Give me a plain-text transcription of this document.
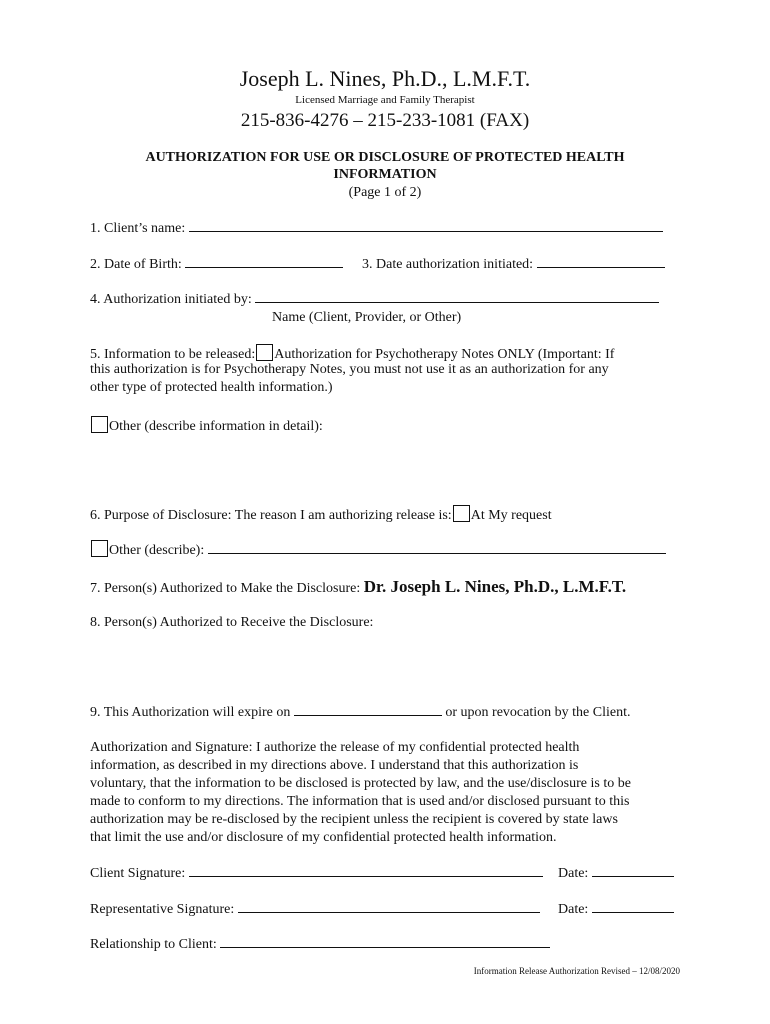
Joseph L. Nines, Ph.D., L.M.F.T.
Licensed Marriage and Family Therapist
215-836-4276 – 215-233-1081 (FAX)
AUTHORIZATION FOR USE OR DISCLOSURE OF PROTECTED HEALTH
INFORMATION
(Page 1 of 2)
1. Client’s name:
2. Date of Birth:	3. Date authorization initiated:
4. Authorization initiated by:
Name (Client, Provider, or Other)
5. Information to be released: Authorization for Psychotherapy Notes ONLY (Important: If
this authorization is for Psychotherapy Notes, you must not use it as an authorization for any
other type of protected health information.)
Other (describe information in detail):
6. Purpose of Disclosure: The reason I am authorizing release is: At My request
Other (describe):
7. Person(s) Authorized to Make the Disclosure: Dr. Joseph L. Nines, Ph.D., L.M.F.T.
8. Person(s) Authorized to Receive the Disclosure:
9. This Authorization will expire on	or upon revocation by the Client.
Authorization and Signature: I authorize the release of my confidential protected health
information, as described in my directions above. I understand that this authorization is
voluntary, that the information to be disclosed is protected by law, and the use/disclosure is to be
made to conform to my directions. The information that is used and/or disclosed pursuant to this
authorization may be re-disclosed by the recipient unless the recipient is covered by state laws
that limit the use and/or disclosure of my confidential protected health information.
Client Signature:	Date:
Representative Signature:	Date:
Relationship to Client:
Information Release Authorization Revised – 12/08/2020
